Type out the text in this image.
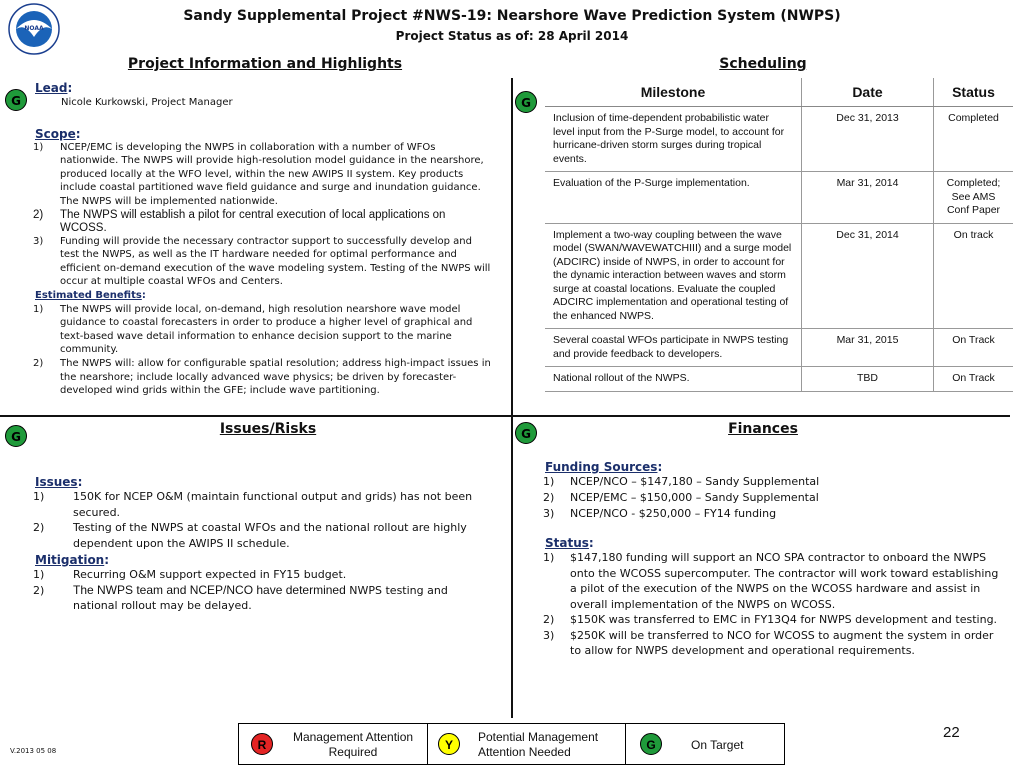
NOAA
Sandy Supplemental Project #NWS-19: Nearshore Wave Prediction System (NWPS)
Project Status as of: 28 April 2014
Project Information and Highlights	Scheduling
Issues/Risks	Finances
G	G
G	G
Lead:
Nicole Kurkowski, Project Manager
Scope:
1) NCEP/EMC is developing the NWPS in collaboration with a number of WFOs nationwide. The NWPS will provide high-resolution model guidance in the nearshore, produced locally at the WFO level, within the new AWIPS II system. Key products include coastal partitioned wave field guidance and surge and inundation guidance. The NWPS will be implemented nationwide.
2) The NWPS will establish a pilot for central execution of local applications on WCOSS.
3) Funding will provide the necessary contractor support to successfully develop and test the NWPS, as well as the IT hardware needed for optimal performance and efficient on-demand execution of the wave modeling system. Testing of the NWPS will occur at multiple coastal WFOs and Centers.
Estimated Benefits:
1) The NWPS will provide local, on-demand, high resolution nearshore wave model guidance to coastal forecasters in order to produce a higher level of graphical and text-based wave detail information to enhance decision support to the marine community.
2) The NWPS will: allow for configurable spatial resolution; address high-impact issues in the nearshore; include locally advanced wave physics; be driven by forecaster-developed wind grids within the GFE; include wave partitioning.
Milestone	Date	Status
Inclusion of time-dependent probabilistic water level input from the P-Surge model, to account for hurricane-driven storm surges during tropical events.	Dec 31, 2013	Completed
Evaluation of the P-Surge implementation.	Mar 31, 2014	Completed; See AMS Conf Paper
Implement a two-way coupling between the wave model (SWAN/WAVEWATCHIII) and a surge model (ADCIRC) inside of NWPS, in order to account for the dynamic interaction between waves and storm surge at coastal locations. Evaluate the coupled ADCIRC implementation and operational testing of the enhanced NWPS.	Dec 31, 2014	On track
Several coastal WFOs participate in NWPS testing and provide feedback to developers.	Mar 31, 2015	On Track
National rollout of the NWPS.	TBD	On Track
Issues:
1)	150K for NCEP O&M (maintain functional output and grids) has not been secured.
2)	Testing of the NWPS at coastal WFOs and the national rollout are highly dependent upon the AWIPS II schedule.
Mitigation:
1)	Recurring O&M support expected in FY15 budget.
2) The NWPS team and NCEP/NCO have determined NWPS testing and national rollout may be delayed.
Funding Sources:
1) NCEP/NCO – $147,180 – Sandy Supplemental
2) NCEP/EMC – $150,000 – Sandy Supplemental
3) NCEP/NCO - $250,000 – FY14 funding
Status:
1) $147,180 funding will support an NCO SPA contractor to onboard the NWPS onto the WCOSS supercomputer. The contractor will work toward establishing a pilot of the execution of the NWPS on the WCOSS hardware and assist in overall implementation of the NWPS on WCOSS.
2) $150K was transferred to EMC in FY13Q4 for NWPS development and testing.
3) $250K will be transferred to NCO for WCOSS to augment the system in order to allow for NWPS development and operational requirements.
R
Management Attention
Required	Y
Potential Management
Attention Needed	G	On Target
V.2013 05 08
22
